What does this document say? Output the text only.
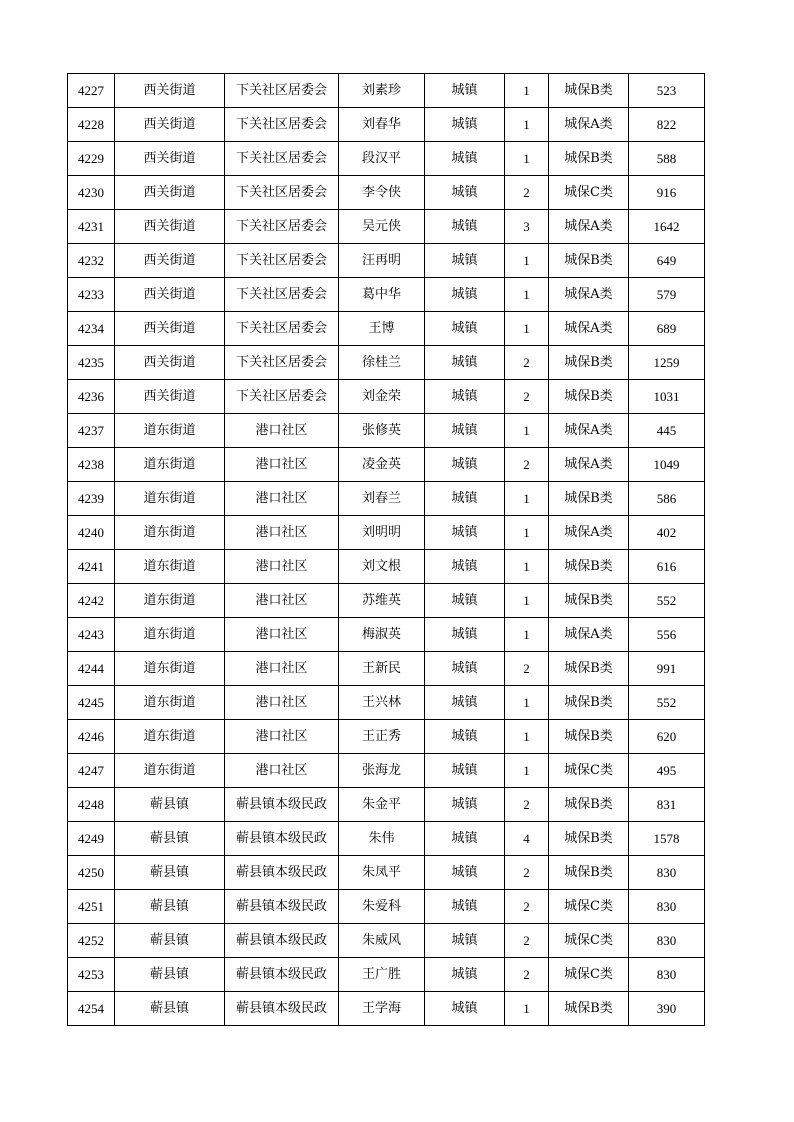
4227	西关街道	下关社区居委会	刘素珍	城镇	1	城保B类	523
4228	西关街道	下关社区居委会	刘春华	城镇	1	城保A类	822
4229	西关街道	下关社区居委会	段汉平	城镇	1	城保B类	588
4230	西关街道	下关社区居委会	李令侠	城镇	2	城保C类	916
4231	西关街道	下关社区居委会	吴元侠	城镇	3	城保A类	1642
4232	西关街道	下关社区居委会	汪再明	城镇	1	城保B类	649
4233	西关街道	下关社区居委会	葛中华	城镇	1	城保A类	579
4234	西关街道	下关社区居委会	王博	城镇	1	城保A类	689
4235	西关街道	下关社区居委会	徐桂兰	城镇	2	城保B类	1259
4236	西关街道	下关社区居委会	刘金荣	城镇	2	城保B类	1031
4237	道东街道	港口社区	张修英	城镇	1	城保A类	445
4238	道东街道	港口社区	凌金英	城镇	2	城保A类	1049
4239	道东街道	港口社区	刘春兰	城镇	1	城保B类	586
4240	道东街道	港口社区	刘明明	城镇	1	城保A类	402
4241	道东街道	港口社区	刘文根	城镇	1	城保B类	616
4242	道东街道	港口社区	苏维英	城镇	1	城保B类	552
4243	道东街道	港口社区	梅淑英	城镇	1	城保A类	556
4244	道东街道	港口社区	王新民	城镇	2	城保B类	991
4245	道东街道	港口社区	王兴林	城镇	1	城保B类	552
4246	道东街道	港口社区	王正秀	城镇	1	城保B类	620
4247	道东街道	港口社区	张海龙	城镇	1	城保C类	495
4248	蕲县镇	蕲县镇本级民政	朱金平	城镇	2	城保B类	831
4249	蕲县镇	蕲县镇本级民政	朱伟	城镇	4	城保B类	1578
4250	蕲县镇	蕲县镇本级民政	朱凤平	城镇	2	城保B类	830
4251	蕲县镇	蕲县镇本级民政	朱爱科	城镇	2	城保C类	830
4252	蕲县镇	蕲县镇本级民政	朱威风	城镇	2	城保C类	830
4253	蕲县镇	蕲县镇本级民政	王广胜	城镇	2	城保C类	830
4254	蕲县镇	蕲县镇本级民政	王学海	城镇	1	城保B类	390
